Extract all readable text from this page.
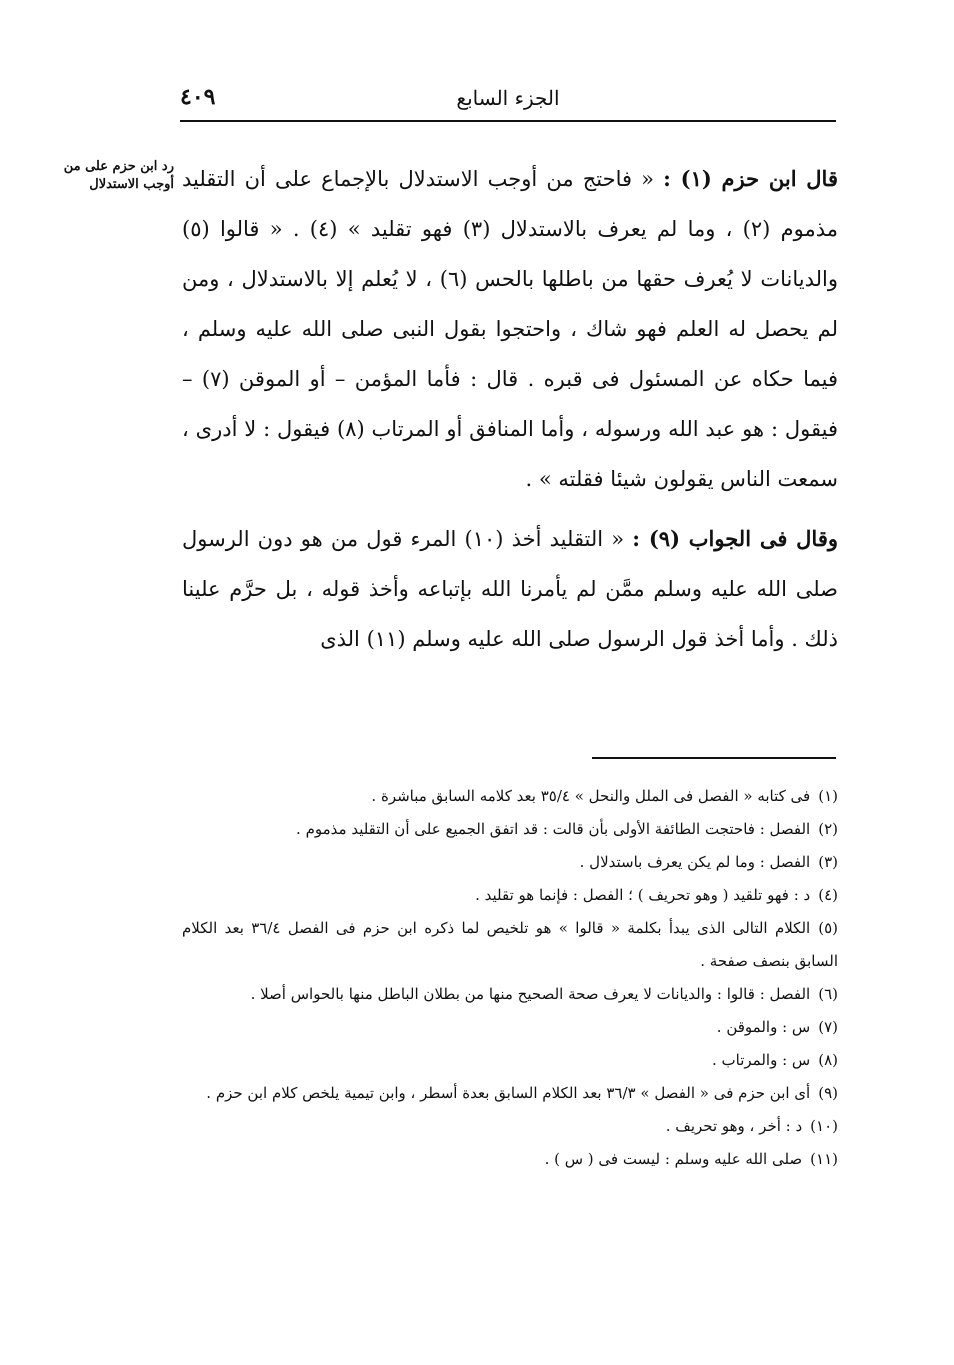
٤٠٩	الجزء السابع
رد ابن حزم على من أوجب الاستدلال	قال ابن حزم (١) : « فاحتج من أوجب الاستدلال بالإجماع على أن التقليد مذموم (٢) ، وما لم يعرف بالاستدلال (٣) فهو تقليد » (٤) . « قالوا (٥) والديانات لا يُعرف حقها من باطلها بالحس (٦) ، لا يُعلم إلا بالاستدلال ، ومن لم يحصل له العلم فهو شاك ، واحتجوا بقول النبى صلى الله عليه وسلم ، فيما حكاه عن المسئول فى قبره . قال : فأما المؤمن – أو الموقن (٧) – فيقول : هو عبد الله ورسوله ، وأما المنافق أو المرتاب (٨) فيقول : لا أدرى ، سمعت الناس يقولون شيئا فقلته » .

وقال فى الجواب (٩) : « التقليد أخذ (١٠) المرء قول من هو دون الرسول صلى الله عليه وسلم ممَّن لم يأمرنا الله بإتباعه وأخذ قوله ، بل حرَّم علينا ذلك . وأما أخذ قول الرسول صلى الله عليه وسلم (١١) الذى

(١)فى كتابه « الفصل فى الملل والنحل » ٣٥/٤ بعد كلامه السابق مباشرة .

(٢)الفصل : فاحتجت الطائفة الأولى بأن قالت : قد اتفق الجميع على أن التقليد مذموم .

(٣)الفصل : وما لم يكن يعرف باستدلال .

(٤)د : فهو تلقيد ( وهو تحريف ) ؛ الفصل : فإنما هو تقليد .

(٥)الكلام التالى الذى يبدأ بكلمة « قالوا » هو تلخيص لما ذكره ابن حزم فى الفصل ٣٦/٤ بعد الكلام السابق بنصف صفحة .

(٦)الفصل : قالوا : والديانات لا يعرف صحة الصحيح منها من بطلان الباطل منها بالحواس أصلا .

(٧)س : والموقن .

(٨)س : والمرتاب .

(٩)أى ابن حزم فى « الفصل » ٣٦/٣ بعد الكلام السابق بعدة أسطر ، وابن تيمية يلخص كلام ابن حزم .

(١٠)د : أخر ، وهو تحريف .

(١١)صلى الله عليه وسلم : ليست فى ( س ) .
